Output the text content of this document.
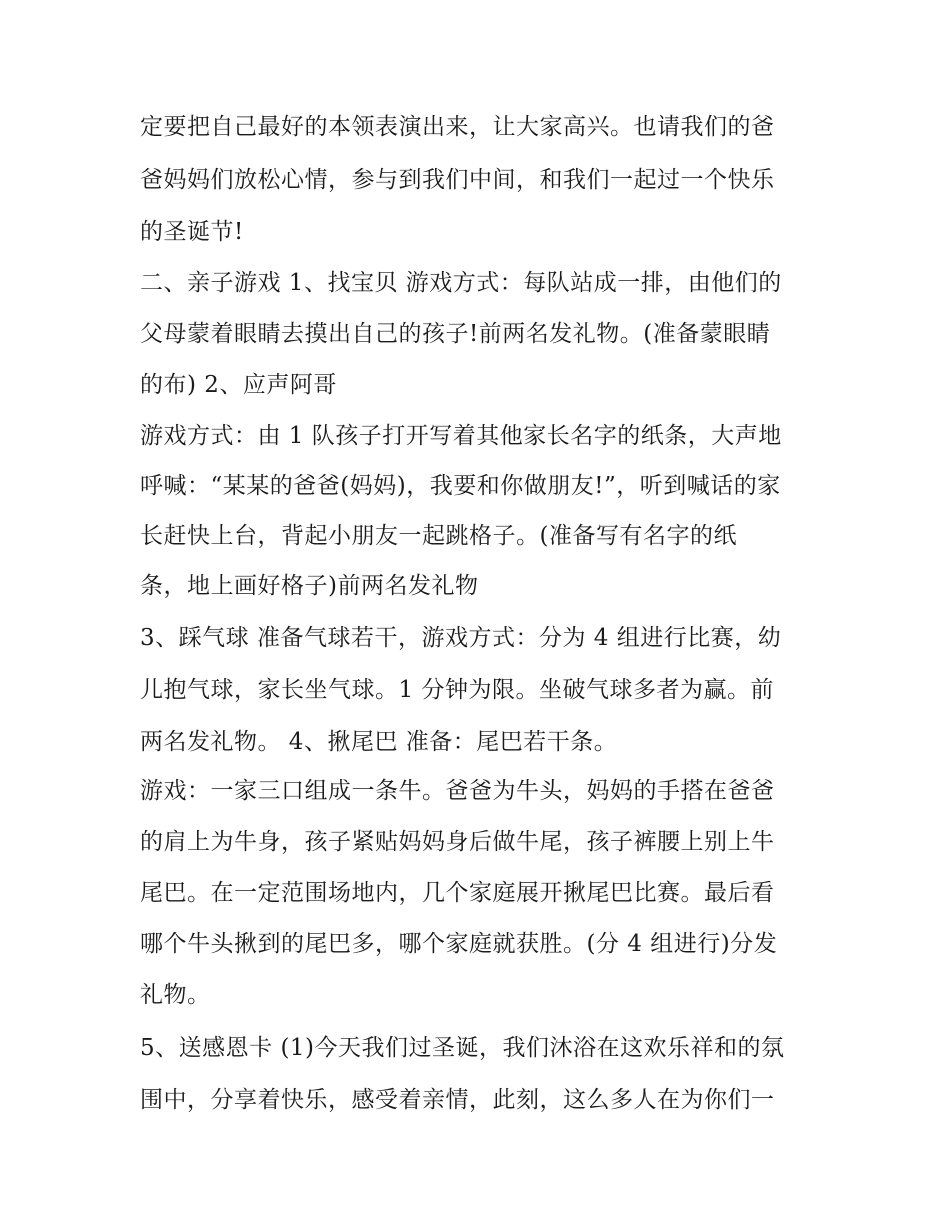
定要把自己最好的本领表演出来，让大家高兴。也请我们的爸
爸妈妈们放松心情，参与到我们中间，和我们一起过一个快乐
的圣诞节!
二、亲子游戏 1、找宝贝 游戏方式：每队站成一排，由他们的
父母蒙着眼睛去摸出自己的孩子!前两名发礼物。(准备蒙眼睛
的布) 2、应声阿哥
游戏方式：由 1 队孩子打开写着其他家长名字的纸条，大声地
呼喊：“某某的爸爸(妈妈)，我要和你做朋友!”，听到喊话的家
长赶快上台，背起小朋友一起跳格子。(准备写有名字的纸
条，地上画好格子)前两名发礼物
3、踩气球 准备气球若干，游戏方式：分为 4 组进行比赛，幼
儿抱气球，家长坐气球。1 分钟为限。坐破气球多者为赢。前
两名发礼物。 4、揪尾巴 准备：尾巴若干条。
游戏：一家三口组成一条牛。爸爸为牛头，妈妈的手搭在爸爸
的肩上为牛身，孩子紧贴妈妈身后做牛尾，孩子裤腰上别上牛
尾巴。在一定范围场地内，几个家庭展开揪尾巴比赛。最后看
哪个牛头揪到的尾巴多，哪个家庭就获胜。(分 4 组进行)分发
礼物。
5、送感恩卡 (1)今天我们过圣诞，我们沐浴在这欢乐祥和的氛
围中，分享着快乐，感受着亲情，此刻，这么多人在为你们一
